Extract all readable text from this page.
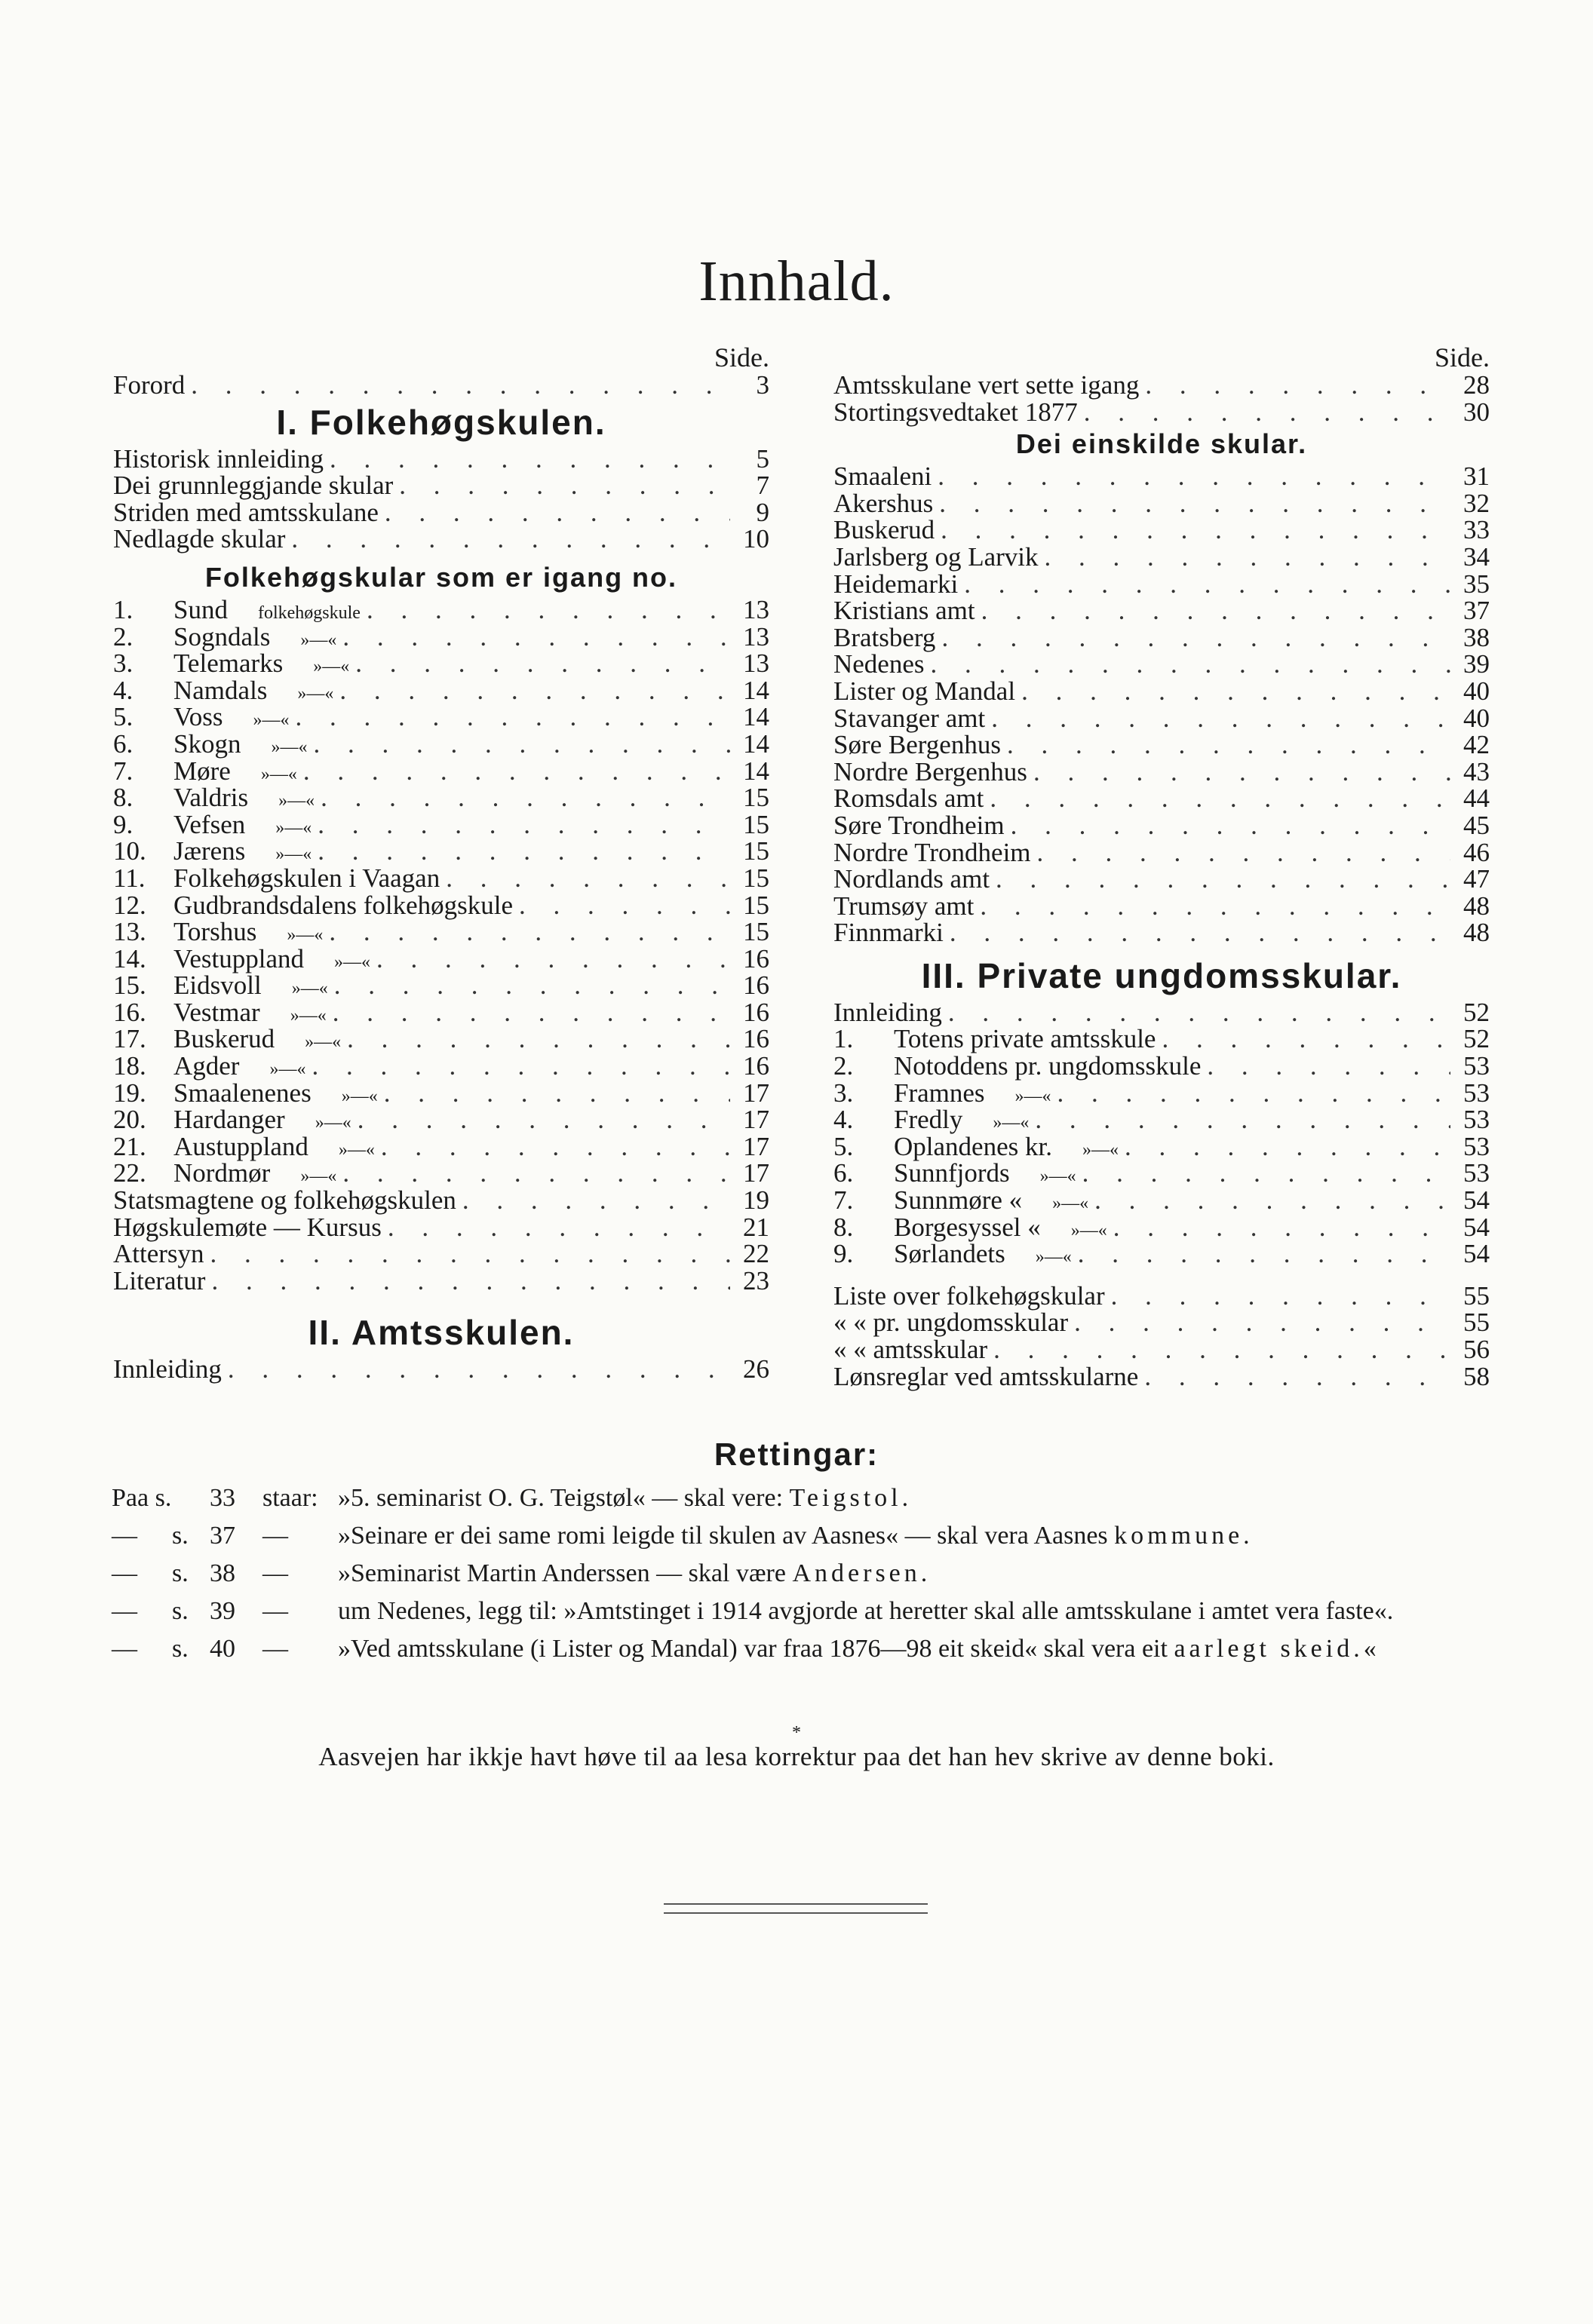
Innhald.
Side.
Forord . . .	3
I. Folkehøgskulen.
Historisk innleiding . . .	5
Dei grunnleggjande skular . . .	7
Striden med amtsskulane . . .	9
Nedlagde skular . . .	10
Folkehøgskular som er igang no.
1.	Sund folkehøgskule . . .	13
2.	Sogndals »—« . . .	13
3.	Telemarks »—« . . .	13
4.	Namdals »—« . . .	14
5.	Voss »—« . . .	14
6.	Skogn »—« . . .	14
7.	Møre »—« . . .	14
8.	Valdris »—« . . .	15
9.	Vefsen »—« . . .	15
10.	Jærens »—« . . .	15
11.	Folkehøgskulen i Vaagan . . .	15
12.	Gudbrandsdalens folkehøgskule . . .	15
13.	Torshus »—« . . .	15
14.	Vestuppland »—« . . .	16
15.	Eidsvoll »—« . . .	16
16.	Vestmar »—« . . .	16
17.	Buskerud »—« . . .	16
18.	Agder »—« . . .	16
19.	Smaalenenes »—« . . .	17
20.	Hardanger »—« . . .	17
21.	Austuppland »—« . . .	17
22.	Nordmør »—« . . .	17
Statsmagtene og folkehøgskulen . . .	19
Høgskulemøte — Kursus . . .	21
Attersyn . . .	22
Literatur . . .	23
II. Amtsskulen.
Innleiding . . .	26
Side.
Amtsskulane vert sette igang . . .	28
Stortingsvedtaket 1877 . . .	30
Dei einskilde skular.
Smaaleni . . .	31
Akershus . . .	32
Buskerud . . .	33
Jarlsberg og Larvik . . .	34
Heidemarki . . .	35
Kristians amt . . .	37
Bratsberg . . .	38
Nedenes . . .	39
Lister og Mandal . . .	40
Stavanger amt . . .	40
Søre Bergenhus . . .	42
Nordre Bergenhus . . .	43
Romsdals amt . . .	44
Søre Trondheim . . .	45
Nordre Trondheim . . .	46
Nordlands amt . . .	47
Trumsøy amt . . .	48
Finnmarki . . .	48
III. Private ungdomsskular.
Innleiding . . .	52
1.	Totens private amtsskule . . .	52
2.	Notoddens pr. ungdomsskule . . .	53
3.	Framnes »—« . . .	53
4.	Fredly »—« . . .	53
5.	Oplandenes kr. »—« . . .	53
6.	Sunnfjords »—« . . .	53
7.	Sunnmøre « »—« . . .	54
8.	Borgesyssel « »—« . . .	54
9.	Sørlandets »—« . . .	54
Liste over folkehøgskular . . .	55
« « pr. ungdomsskular . . .	55
« « amtsskular . . .	56
Lønsreglar ved amtsskularne . . .	58
Rettingar:
Paa s. 33	staar: »5. seminarist O. G. Teigstøl« — skal vere: Teigstol.
—	s. 37	—	»Seinare er dei same romi leigde til skulen av Aasnes« — skal vera Aasnes kommune.
—	s. 38	—	»Seminarist Martin Anderssen — skal være Andersen.
—	s. 39	—	um Nedenes, legg til: »Amtstinget i 1914 avgjorde at heretter skal alle amtsskulane i amtet vera faste«.
—	s. 40	—	»Ved amtsskulane (i Lister og Mandal) var fraa 1876—98 eit skeid« skal vera eit aarlegt skeid.«
*
Aasvejen har ikkje havt høve til aa lesa korrektur paa det han hev skrive av denne boki.
